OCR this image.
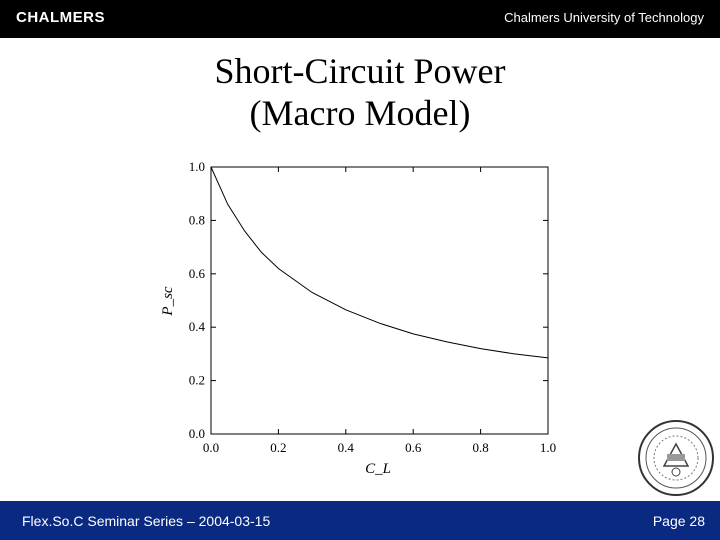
CHALMERS	Chalmers University of Technology
Short-Circuit Power
(Macro Model)
0.0	0.2	0.4	0.6	0.8	1.0
0.0
0.2
0.4
0.6
0.8
1.0
C_L
P_sc
Flex.So.C Seminar Series – 2004-03-15	Page 28
